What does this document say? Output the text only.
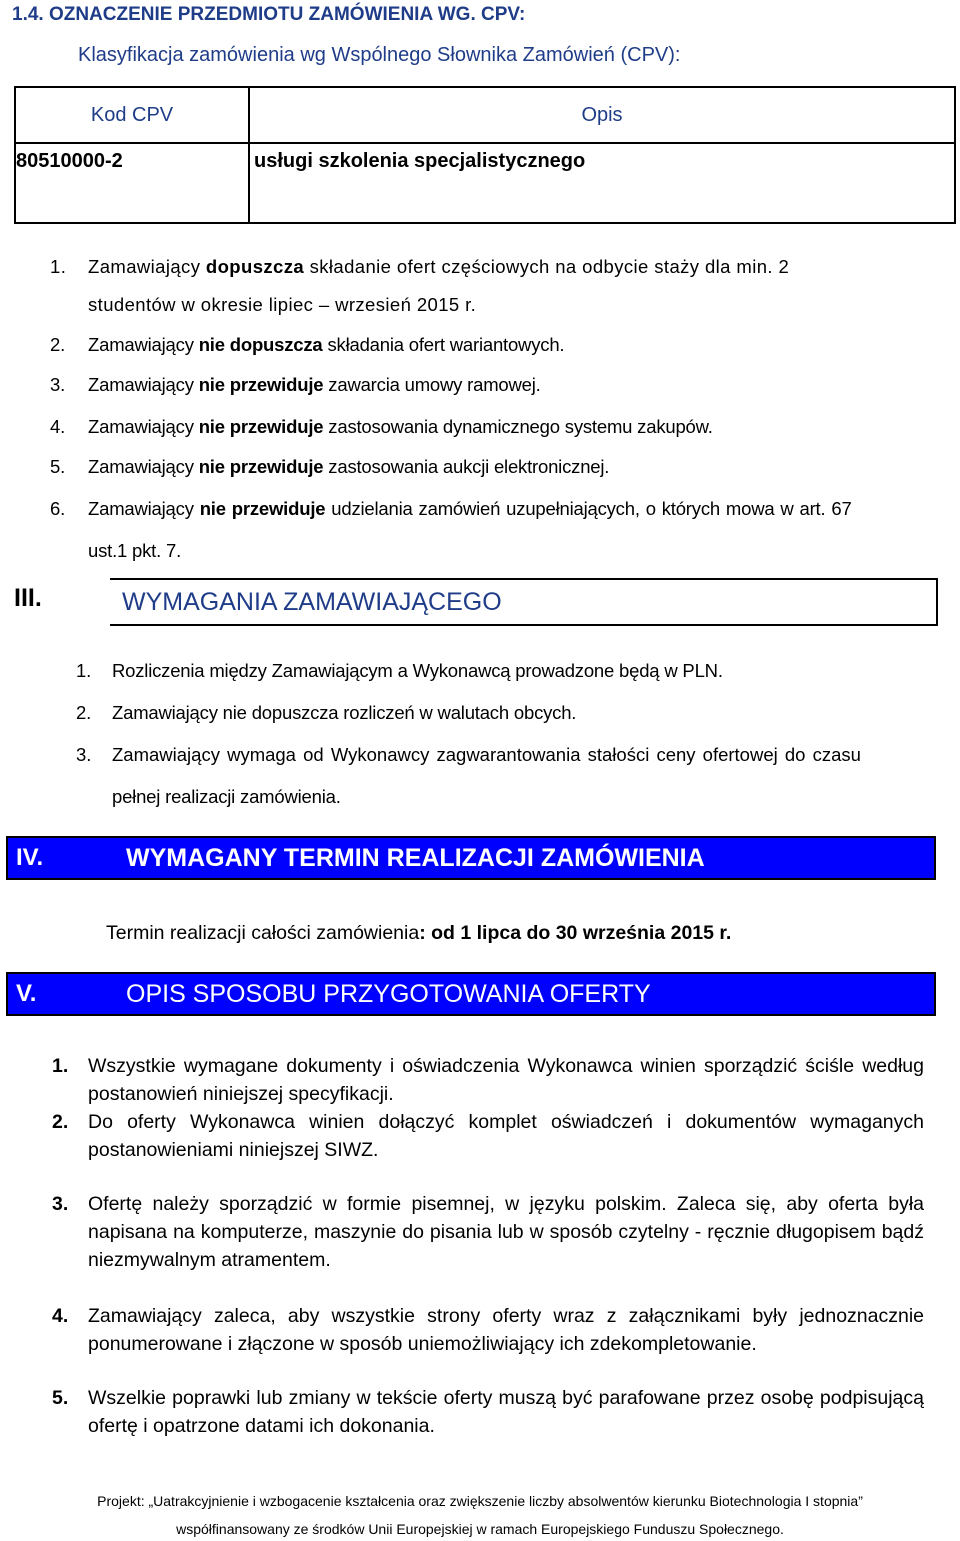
1.4. OZNACZENIE PRZEDMIOTU ZAMÓWIENIA WG. CPV:
Klasyfikacja zamówienia wg Wspólnego Słownika Zamówień (CPV):
Kod CPV	Opis
80510000-2	usługi szkolenia specjalistycznego
1. Zamawiający dopuszcza składanie ofert częściowych na odbycie staży dla min. 2
studentów w okresie lipiec – wrzesień 2015 r.
2. Zamawiający nie dopuszcza składania ofert wariantowych.
3. Zamawiający nie przewiduje zawarcia umowy ramowej.
4. Zamawiający nie przewiduje zastosowania dynamicznego systemu zakupów.
5. Zamawiający nie przewiduje zastosowania aukcji elektronicznej.
6. Zamawiający nie przewiduje udzielania zamówień uzupełniających, o których mowa w art. 67
ust.1 pkt. 7.
III.	WYMAGANIA ZAMAWIAJĄCEGO
1. Rozliczenia między Zamawiającym a Wykonawcą prowadzone będą w PLN.
2. Zamawiający nie dopuszcza rozliczeń w walutach obcych.
3. Zamawiający wymaga od Wykonawcy zagwarantowania stałości ceny ofertowej do czasu
pełnej realizacji zamówienia.
IV.	WYMAGANY TERMIN REALIZACJI ZAMÓWIENIA
Termin realizacji całości zamówienia: od 1 lipca do 30 września 2015 r.
V.	OPIS SPOSOBU PRZYGOTOWANIA OFERTY
1. Wszystkie wymagane dokumenty i oświadczenia Wykonawca winien sporządzić ściśle według postanowień niniejszej specyfikacji.
2. Do oferty Wykonawca winien dołączyć komplet oświadczeń i dokumentów wymaganych postanowieniami niniejszej SIWZ.
3. Ofertę należy sporządzić w formie pisemnej, w języku polskim. Zaleca się, aby oferta była napisana na komputerze, maszynie do pisania lub w sposób czytelny - ręcznie długopisem bądź niezmywalnym atramentem.
4. Zamawiający zaleca, aby wszystkie strony oferty wraz z załącznikami były jednoznacznie ponumerowane i złączone w sposób uniemożliwiający ich zdekompletowanie.
5. Wszelkie poprawki lub zmiany w tekście oferty muszą być parafowane przez osobę podpisującą ofertę i opatrzone datami ich dokonania.
Projekt: „Uatrakcyjnienie i wzbogacenie kształcenia oraz zwiększenie liczby absolwentów kierunku Biotechnologia I stopnia”
współfinansowany ze środków Unii Europejskiej w ramach Europejskiego Funduszu Społecznego.
